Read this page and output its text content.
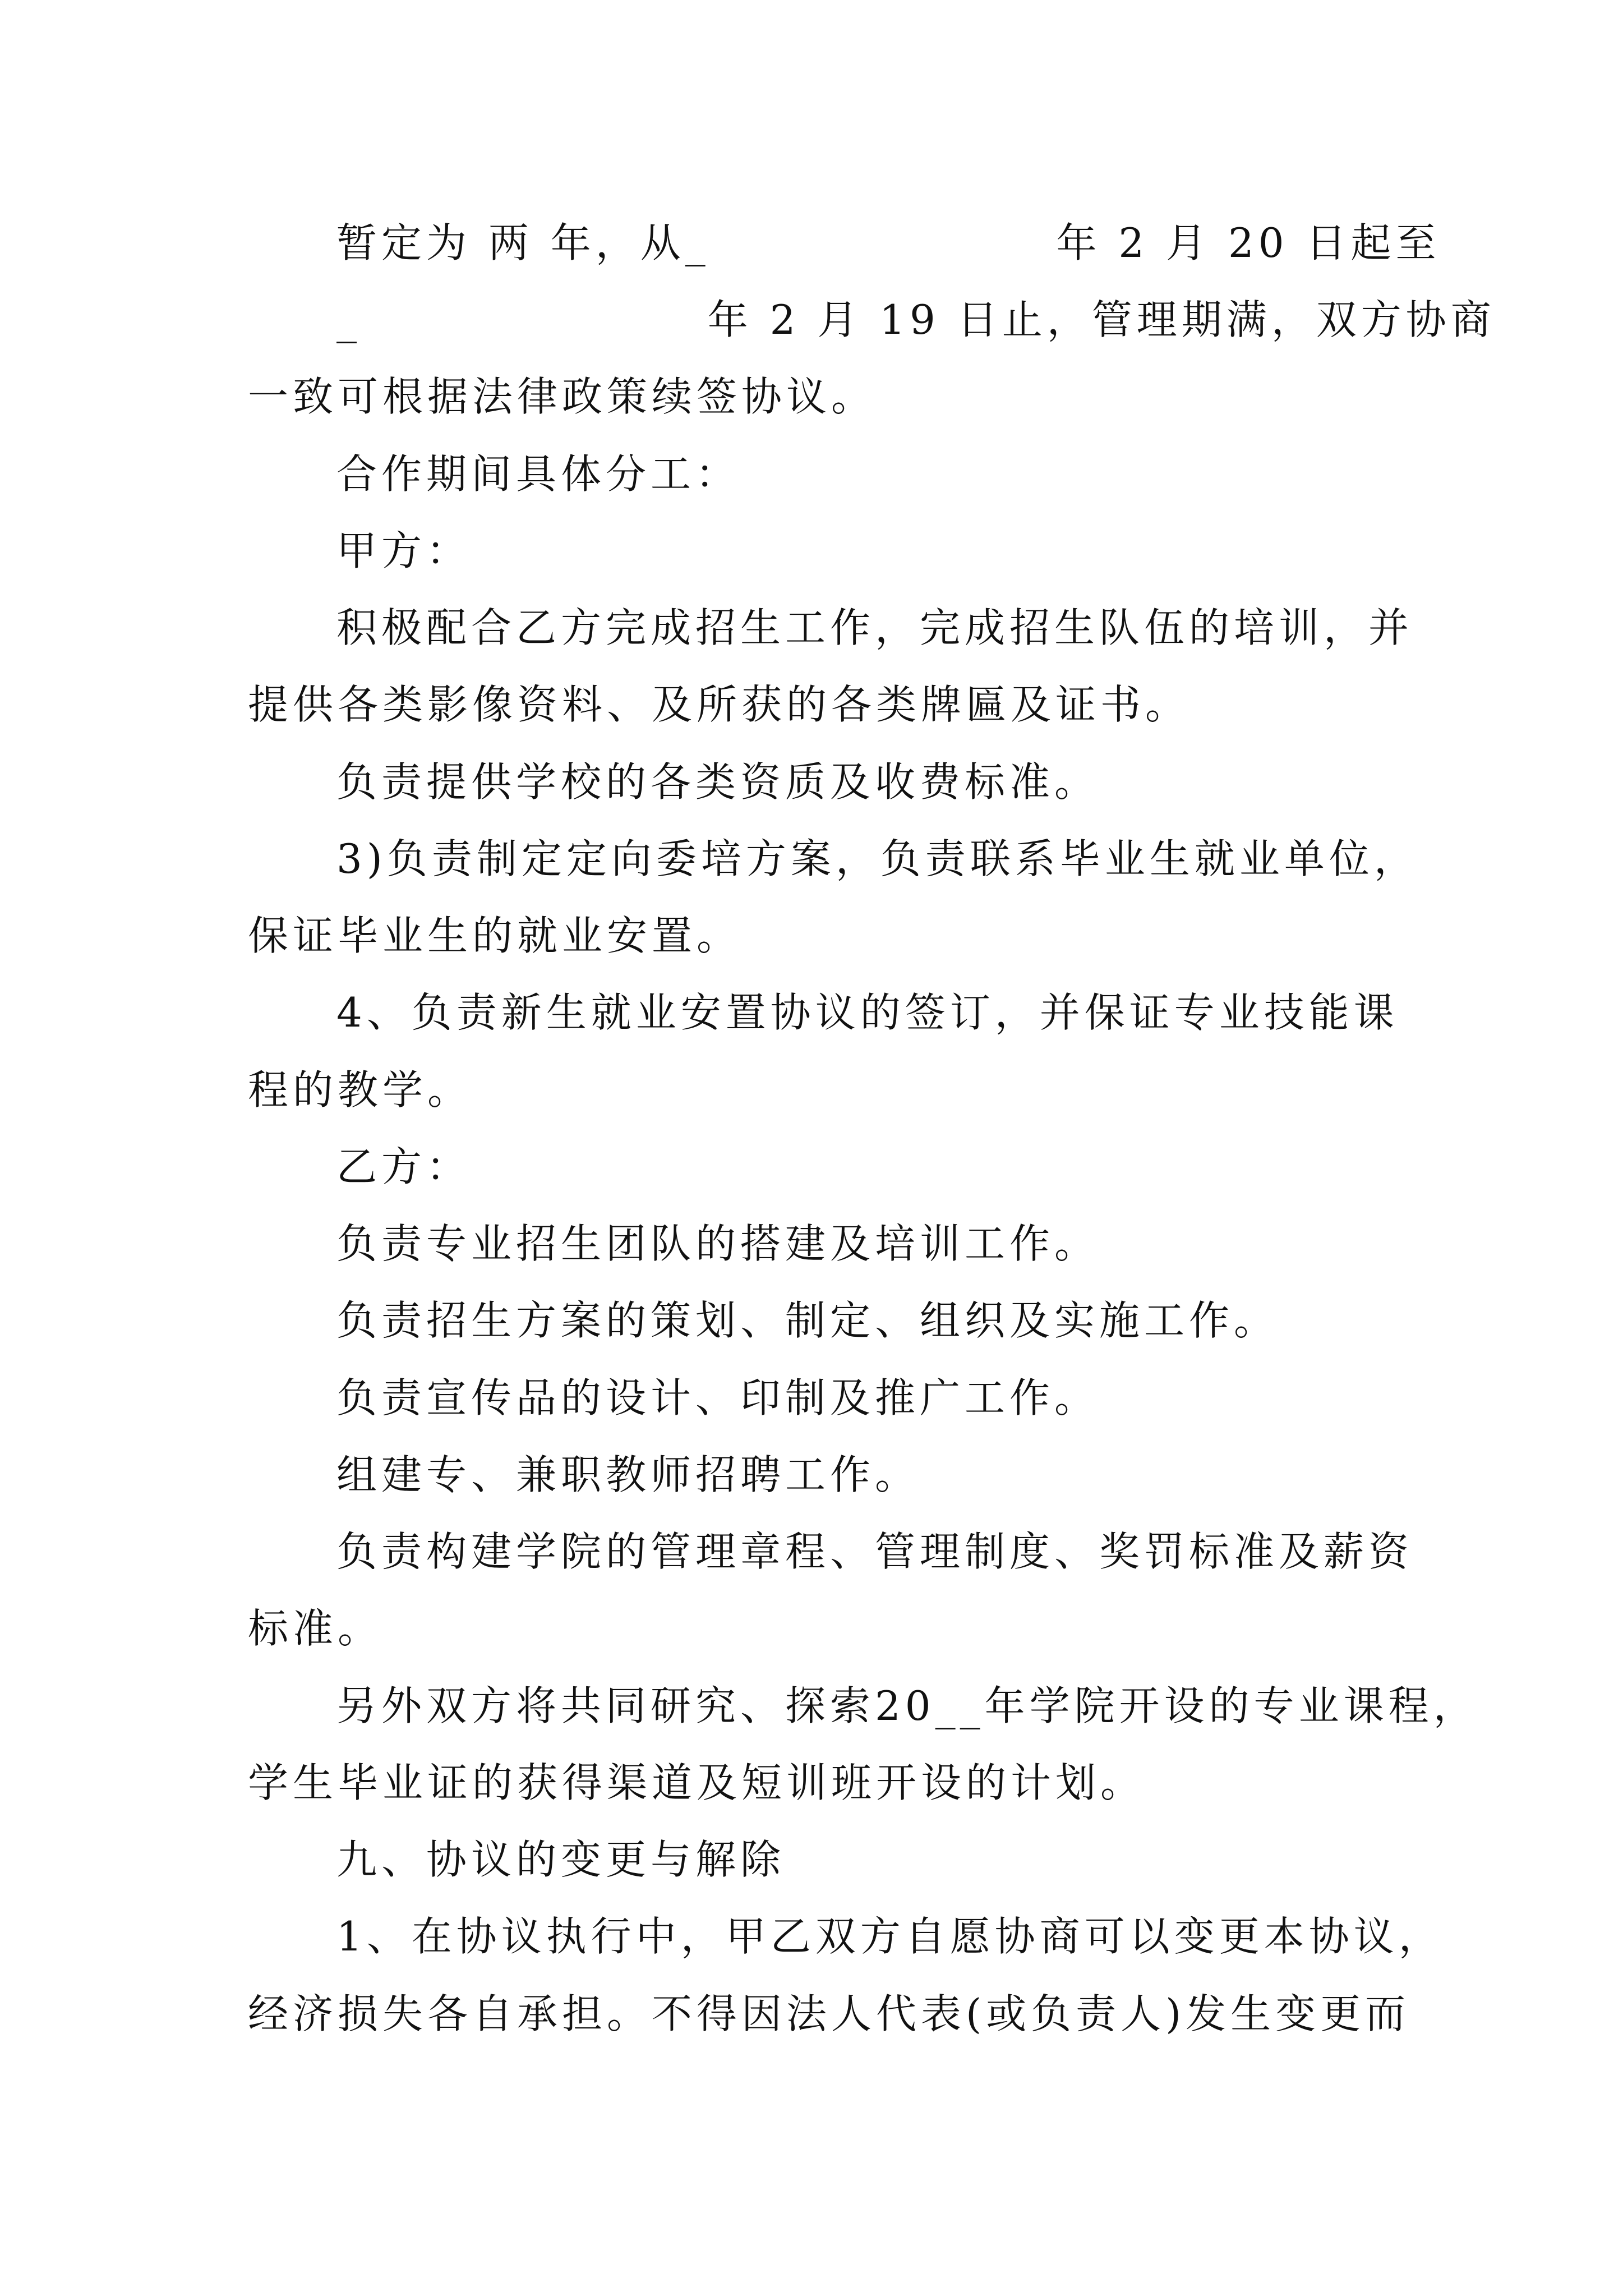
暂定为 两 年，从_                    年 2 月 20 日起至

_                    年 2 月 19 日止，管理期满，双方协商

一致可根据法律政策续签协议。

合作期间具体分工：

甲方：

积极配合乙方完成招生工作，完成招生队伍的培训，并

提供各类影像资料、及所获的各类牌匾及证书。

负责提供学校的各类资质及收费标准。

3)负责制定定向委培方案，负责联系毕业生就业单位，

保证毕业生的就业安置。

4、负责新生就业安置协议的签订，并保证专业技能课

程的教学。

乙方：

负责专业招生团队的搭建及培训工作。

负责招生方案的策划、制定、组织及实施工作。

负责宣传品的设计、印制及推广工作。

组建专、兼职教师招聘工作。

负责构建学院的管理章程、管理制度、奖罚标准及薪资

标准。

另外双方将共同研究、探索20__年学院开设的专业课程，

学生毕业证的获得渠道及短训班开设的计划。

九、协议的变更与解除

1、在协议执行中，甲乙双方自愿协商可以变更本协议，

经济损失各自承担。不得因法人代表(或负责人)发生变更而
